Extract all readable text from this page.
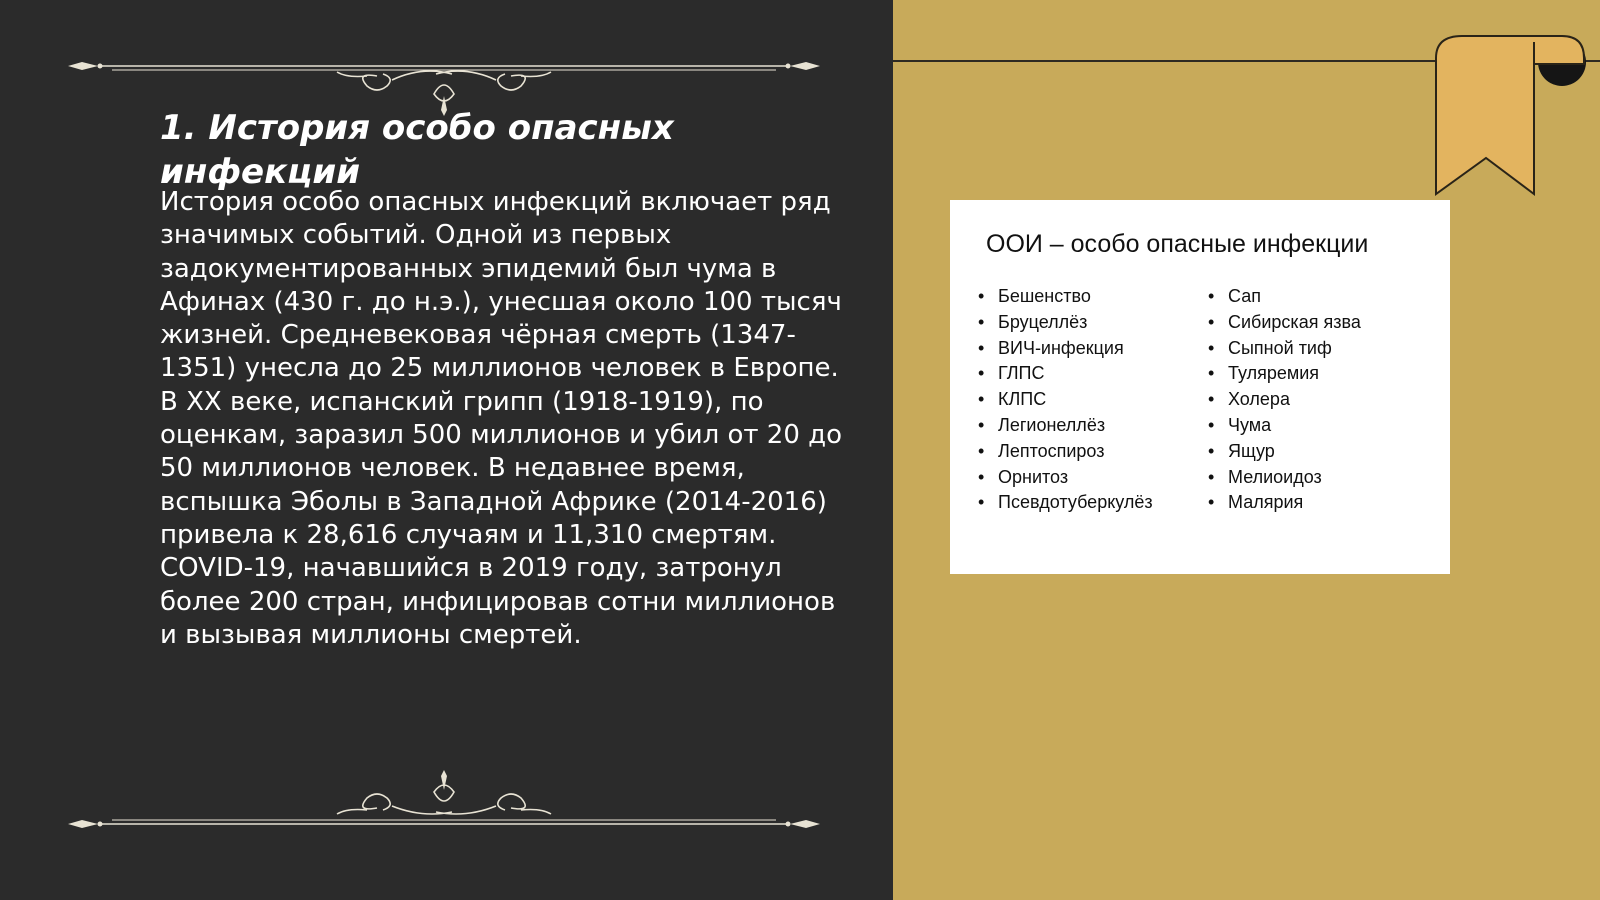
1. История особо опасных инфекций

История особо опасных инфекций включает ряд значимых событий. Одной из первых задокументированных эпидемий был чума в Афинах (430 г. до н.э.), унесшая около 100 тысяч жизней. Средневековая чёрная смерть (1347-1351) унесла до 25 миллионов человек в Европе. В XX веке, испанский грипп (1918-1919), по оценкам, заразил 500 миллионов и убил от 20 до 50 миллионов человек. В недавнее время, вспышка Эболы в Западной Африке (2014-2016) привела к 28,616 случаям и 11,310 смертям. COVID-19, начавшийся в 2019 году, затронул более 200 стран, инфицировав сотни миллионов и вызывая миллионы смертей.

ООИ – особо опасные инфекции
• Бешенство
• Бруцеллёз
• ВИЧ-инфекция
• ГЛПС
• КЛПС
• Легионеллёз
• Лептоспироз
• Орнитоз
• Псевдотуберкулёз
• Сап
• Сибирская язва
• Сыпной тиф
• Туляремия
• Холера
• Чума
• Ящур
• Мелиоидоз
• Малярия
